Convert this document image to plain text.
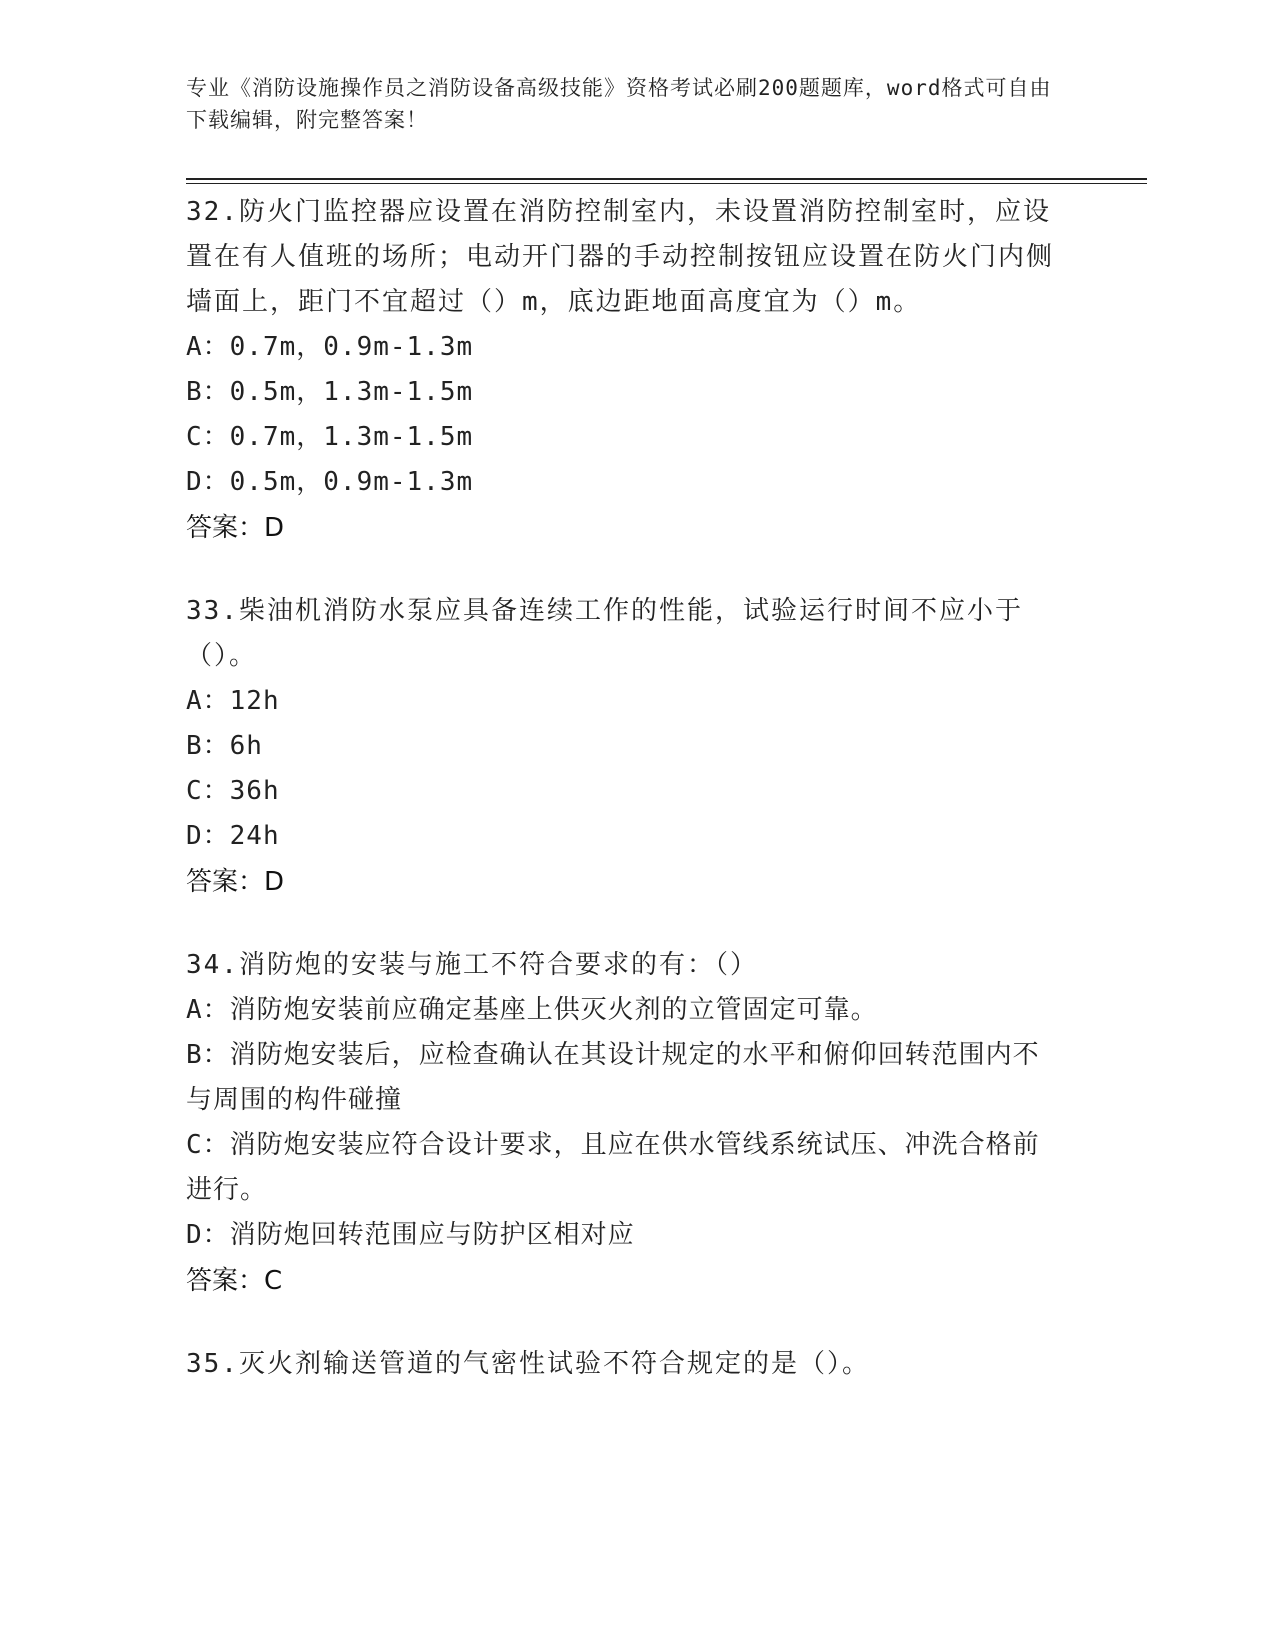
专业《消防设施操作员之消防设备高级技能》资格考试必刷200题题库，word格式可自由下载编辑，附完整答案！

32.防火门监控器应设置在消防控制室内，未设置消防控制室时，应设置在有人值班的场所；电动开门器的手动控制按钮应设置在防火门内侧墙面上，距门不宜超过（）m，底边距地面高度宜为（）m。

A：0.7m，0.9m-1.3m

B：0.5m，1.3m-1.5m

C：0.7m，1.3m-1.5m

D：0.5m，0.9m-1.3m

答案：D

33.柴油机消防水泵应具备连续工作的性能，试验运行时间不应小于（）。

A：12h

B：6h

C：36h

D：24h

答案：D

34.消防炮的安装与施工不符合要求的有：（）

A：消防炮安装前应确定基座上供灭火剂的立管固定可靠。

B：消防炮安装后，应检查确认在其设计规定的水平和俯仰回转范围内不与周围的构件碰撞

C：消防炮安装应符合设计要求，且应在供水管线系统试压、冲洗合格前进行。

D：消防炮回转范围应与防护区相对应

答案：C

35.灭火剂输送管道的气密性试验不符合规定的是（）。
